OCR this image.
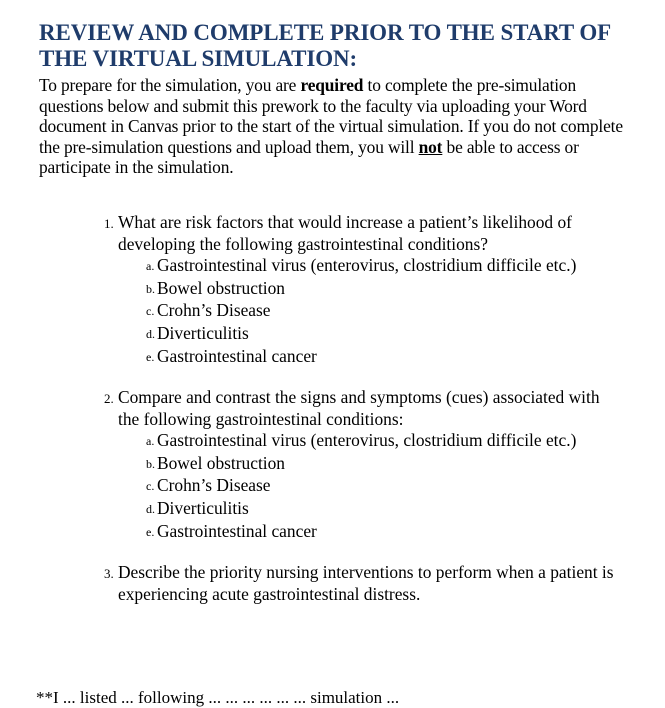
REVIEW AND COMPLETE PRIOR TO THE START OF THE VIRTUAL SIMULATION:
To prepare for the simulation, you are required to complete the pre-simulation questions below and submit this prework to the faculty via uploading your Word document in Canvas prior to the start of the virtual simulation. If you do not complete the pre-simulation questions and upload them, you will not be able to access or participate in the simulation.
1. What are risk factors that would increase a patient’s likelihood of developing the following gastrointestinal conditions?
a. Gastrointestinal virus (enterovirus, clostridium difficile etc.)
b. Bowel obstruction
c. Crohn’s Disease
d. Diverticulitis
e. Gastrointestinal cancer
2. Compare and contrast the signs and symptoms (cues) associated with the following gastrointestinal conditions:
a. Gastrointestinal virus (enterovirus, clostridium difficile etc.)
b. Bowel obstruction
c. Crohn’s Disease
d. Diverticulitis
e. Gastrointestinal cancer
3. Describe the priority nursing interventions to perform when a patient is experiencing acute gastrointestinal distress.
**I ... listed ... following ... ... ... ... ... ... simulation ...
